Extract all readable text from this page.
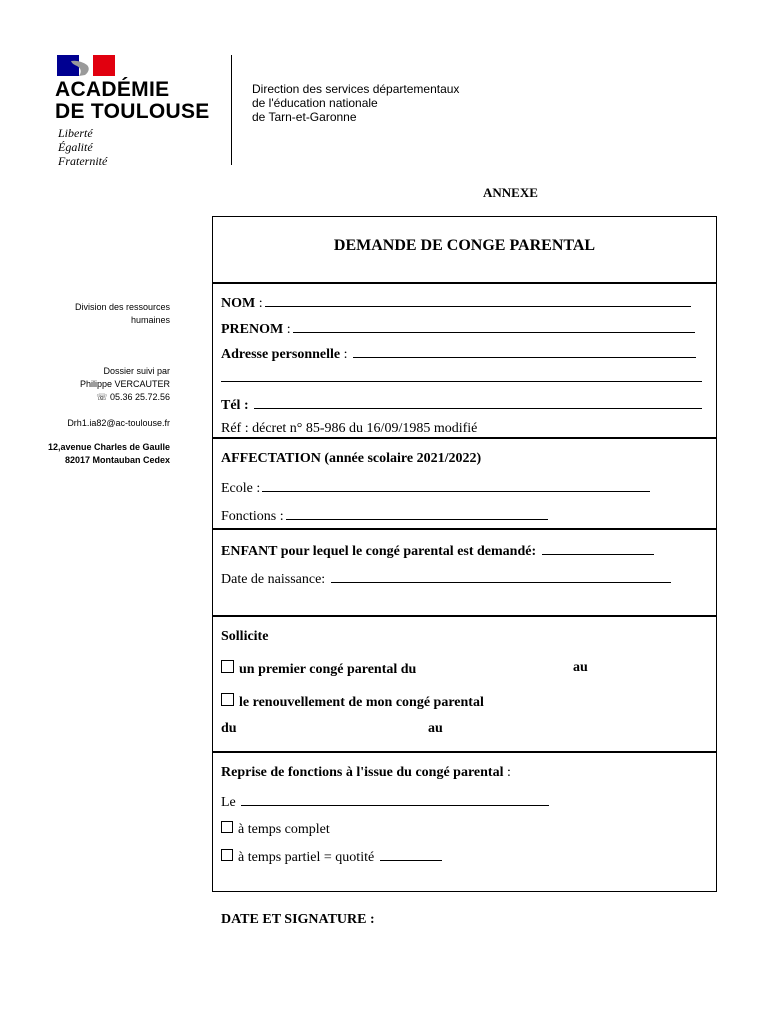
ACADÉMIE
DE TOULOUSE
Liberté
Égalité
Fraternité
Direction des services départementaux
de l'éducation nationale
de Tarn-et-Garonne
ANNEXE
Division des ressources
humaines
Dossier suivi par
Philippe VERCAUTER
☏ 05.36 25.72.56
Drh1.ia82@ac-toulouse.fr
12,avenue Charles de Gaulle
82017 Montauban Cedex
DEMANDE DE CONGE PARENTAL
NOM :
PRENOM :
Adresse personnelle :
Tél :
Réf : décret n° 85-986 du 16/09/1985 modifié
AFFECTATION (année scolaire 2021/2022)
Ecole :
Fonctions :
ENFANT pour lequel le congé parental est demandé:
Date de naissance:
Sollicite
un premier congé parental du	au
le renouvellement de mon congé parental
du	au
Reprise de fonctions à l'issue du congé parental :
Le
à temps complet
à temps partiel = quotité
DATE ET SIGNATURE :
